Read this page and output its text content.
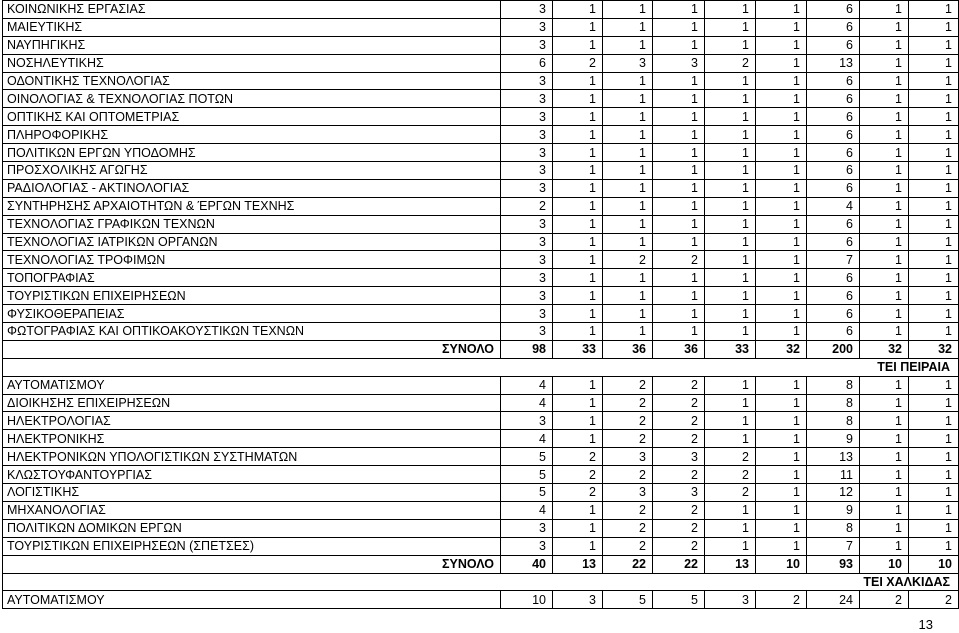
ΚΟΙΝΩΝΙΚΗΣ ΕΡΓΑΣΙΑΣ	3	1	1	1	1	1	6	1	1
ΜΑΙΕΥΤΙΚΗΣ	3	1	1	1	1	1	6	1	1
ΝΑΥΠΗΓΙΚΗΣ	3	1	1	1	1	1	6	1	1
ΝΟΣΗΛΕΥΤΙΚΗΣ	6	2	3	3	2	1	13	1	1
ΟΔΟΝΤΙΚΗΣ ΤΕΧΝΟΛΟΓΙΑΣ	3	1	1	1	1	1	6	1	1
ΟΙΝΟΛΟΓΙΑΣ & ΤΕΧΝΟΛΟΓΙΑΣ ΠΟΤΩΝ	3	1	1	1	1	1	6	1	1
ΟΠΤΙΚΗΣ ΚΑΙ ΟΠΤΟΜΕΤΡΙΑΣ	3	1	1	1	1	1	6	1	1
ΠΛΗΡΟΦΟΡΙΚΗΣ	3	1	1	1	1	1	6	1	1
ΠΟΛΙΤΙΚΩΝ ΕΡΓΩΝ ΥΠΟΔΟΜΗΣ	3	1	1	1	1	1	6	1	1
ΠΡΟΣΧΟΛΙΚΗΣ ΑΓΩΓΗΣ	3	1	1	1	1	1	6	1	1
ΡΑΔΙΟΛΟΓΙΑΣ - ΑΚΤΙΝΟΛΟΓΙΑΣ	3	1	1	1	1	1	6	1	1
ΣΥΝΤΗΡΗΣΗΣ ΑΡΧΑΙΟΤΗΤΩΝ & ΈΡΓΩΝ ΤΕΧΝΗΣ	2	1	1	1	1	1	4	1	1
ΤΕΧΝΟΛΟΓΙΑΣ ΓΡΑΦΙΚΩΝ ΤΕΧΝΩΝ	3	1	1	1	1	1	6	1	1
ΤΕΧΝΟΛΟΓΙΑΣ ΙΑΤΡΙΚΩΝ ΟΡΓΑΝΩΝ	3	1	1	1	1	1	6	1	1
ΤΕΧΝΟΛΟΓΙΑΣ ΤΡΟΦΙΜΩΝ	3	1	2	2	1	1	7	1	1
ΤΟΠΟΓΡΑΦΙΑΣ	3	1	1	1	1	1	6	1	1
ΤΟΥΡΙΣΤΙΚΩΝ ΕΠΙΧΕΙΡΗΣΕΩΝ	3	1	1	1	1	1	6	1	1
ΦΥΣΙΚΟΘΕΡΑΠΕΙΑΣ	3	1	1	1	1	1	6	1	1
ΦΩΤΟΓΡΑΦΙΑΣ ΚΑΙ ΟΠΤΙΚΟΑΚΟΥΣΤΙΚΩΝ ΤΕΧΝΩΝ	3	1	1	1	1	1	6	1	1
ΣΥΝΟΛΟ	98	33	36	36	33	32	200	32	32
ΤΕΙ ΠΕΙΡΑΙΑ									
ΑΥΤΟΜΑΤΙΣΜΟΥ	4	1	2	2	1	1	8	1	1
ΔΙΟΙΚΗΣΗΣ ΕΠΙΧΕΙΡΗΣΕΩΝ	4	1	2	2	1	1	8	1	1
ΗΛΕΚΤΡΟΛΟΓΙΑΣ	3	1	2	2	1	1	8	1	1
ΗΛΕΚΤΡΟΝΙΚΗΣ	4	1	2	2	1	1	9	1	1
ΗΛΕΚΤΡΟΝΙΚΩΝ ΥΠΟΛΟΓΙΣΤΙΚΩΝ ΣΥΣΤΗΜΑΤΩΝ	5	2	3	3	2	1	13	1	1
ΚΛΩΣΤΟΥΦΑΝΤΟΥΡΓΙΑΣ	5	2	2	2	2	1	11	1	1
ΛΟΓΙΣΤΙΚΗΣ	5	2	3	3	2	1	12	1	1
ΜΗΧΑΝΟΛΟΓΙΑΣ	4	1	2	2	1	1	9	1	1
ΠΟΛΙΤΙΚΩΝ ΔΟΜΙΚΩΝ ΕΡΓΩΝ	3	1	2	2	1	1	8	1	1
ΤΟΥΡΙΣΤΙΚΩΝ ΕΠΙΧΕΙΡΗΣΕΩΝ (ΣΠΕΤΣΕΣ)	3	1	2	2	1	1	7	1	1
ΣΥΝΟΛΟ	40	13	22	22	13	10	93	10	10
ΤΕΙ ΧΑΛΚΙΔΑΣ									
ΑΥΤΟΜΑΤΙΣΜΟΥ	10	3	5	5	3	2	24	2	2
13
